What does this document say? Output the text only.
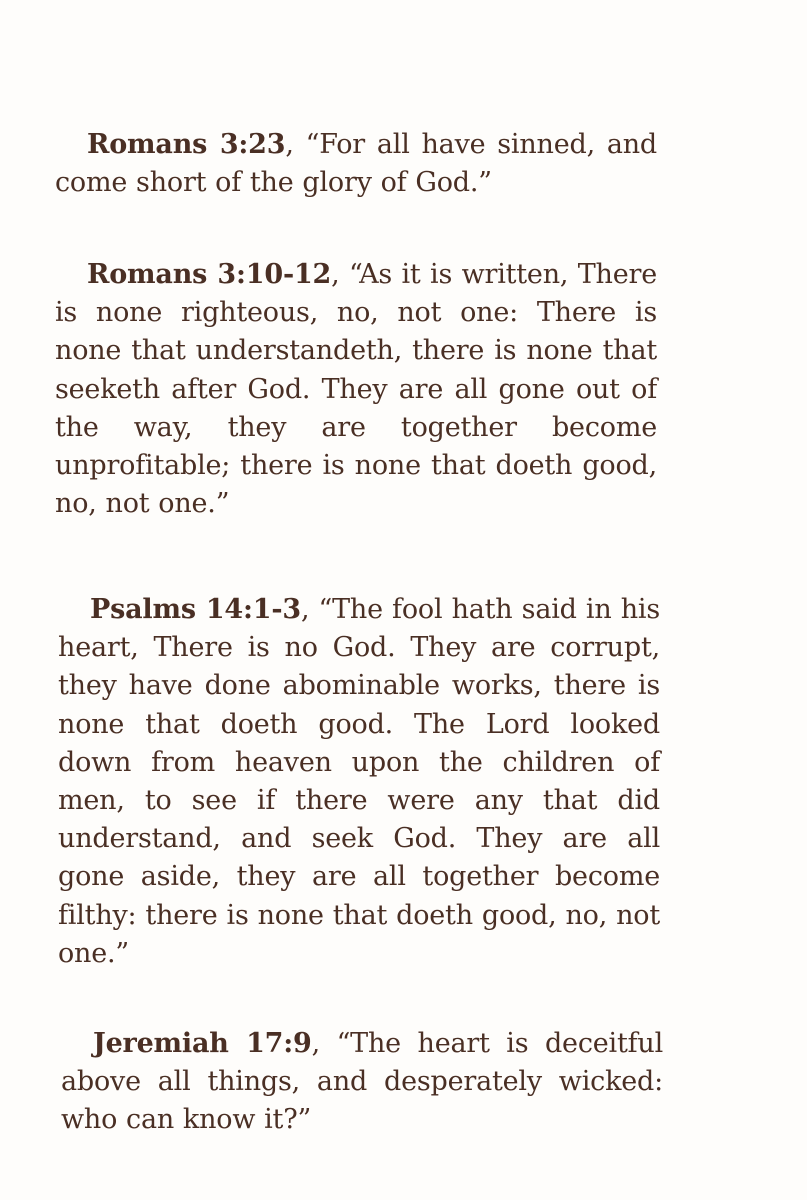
Romans 3:23, “For all have sinned, and come short of the glory of God.”

Romans 3:10-12, “As it is written, There is none righteous, no, not one: There is none that understandeth, there is none that seeketh after God. They are all gone out of the way, they are together become unprofitable; there is none that doeth good, no, not one.”

Psalms 14:1-3, “The fool hath said in his heart, There is no God. They are corrupt, they have done abominable works, there is none that doeth good. The Lord looked down from heaven upon the children of men, to see if there were any that did understand, and seek God. They are all gone aside, they are all together become filthy: there is none that doeth good, no, not one.”

Jeremiah 17:9, “The heart is deceitful above all things, and desperately wicked: who can know it?”
